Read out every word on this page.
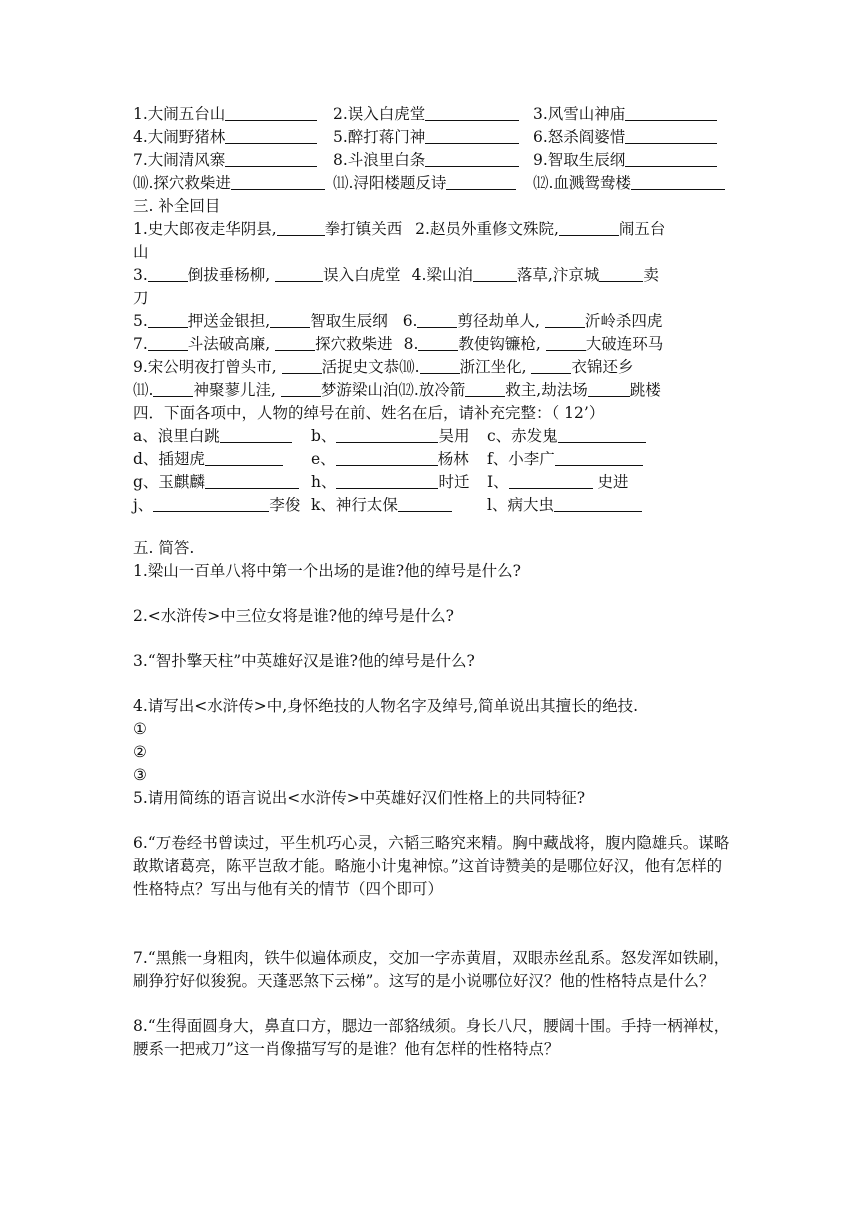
1.大闹五台山	2.误入白虎堂	3.风雪山神庙
4.大闹野猪林	5.醉打蒋门神	6.怒杀阎婆惜
7.大闹清风寨	8.斗浪里白条	9.智取生辰纲
⑽.探穴救柴进	⑾.浔阳楼题反诗	⑿.血溅鸳鸯楼
三. 补全回目
1.史大郎夜走华阴县,	拳打镇关西 2.赵员外重修文殊院,	闹五台
山
3.	倒拔垂杨柳,	误入白虎堂 4.梁山泊	落草,汴京城	卖
刀
5.	押送金银担,	智取生辰纲 6.	剪径劫单人,	沂岭杀四虎
7.	斗法破高廉,	探穴救柴进 8.	教使钩镰枪,	大破连环马
9.宋公明夜打曾头市,	活捉史文恭⑽.	浙江坐化,	衣锦还乡
⑾.	神聚蓼儿洼,	梦游梁山泊⑿.放冷箭	救主,劫法场	跳楼
四．下面各项中，人物的绰号在前、姓名在后，请补充完整：（ 12’）
a、浪里白跳	b、	吴用	c、赤发鬼
d、插翅虎	e、	杨林	f、小李广
g、玉麒麟	h、	时迁	I、	史进
j、	李俊 k、神行太保	l、病大虫
五. 简答.
1.梁山一百单八将中第一个出场的是谁?他的绰号是什么?
2.<水浒传>中三位女将是谁?他的绰号是什么?
3.“智扑擎天柱”中英雄好汉是谁?他的绰号是什么?
4.请写出<水浒传>中,身怀绝技的人物名字及绰号,简单说出其擅长的绝技.
①
②
③
5.请用简练的语言说出<水浒传>中英雄好汉们性格上的共同特征?
6.“万卷经书曾读过，平生机巧心灵，六韬三略究来精。胸中藏战将，腹内隐雄兵。谋略敢欺诸葛亮，陈平岂敌才能。略施小计鬼神惊。”这首诗赞美的是哪位好汉，他有怎样的性格特点？写出与他有关的情节（四个即可）
7.“黑熊一身粗肉，铁牛似遍体顽皮，交加一字赤黄眉，双眼赤丝乱系。怒发浑如铁刷，刷狰狞好似狻猊。天蓬恶煞下云梯”。这写的是小说哪位好汉？他的性格特点是什么？
8.“生得面圆身大，鼻直口方，腮边一部貉绒须。身长八尺，腰阔十围。手持一柄禅杖，腰系一把戒刀”这一肖像描写写的是谁？他有怎样的性格特点？
